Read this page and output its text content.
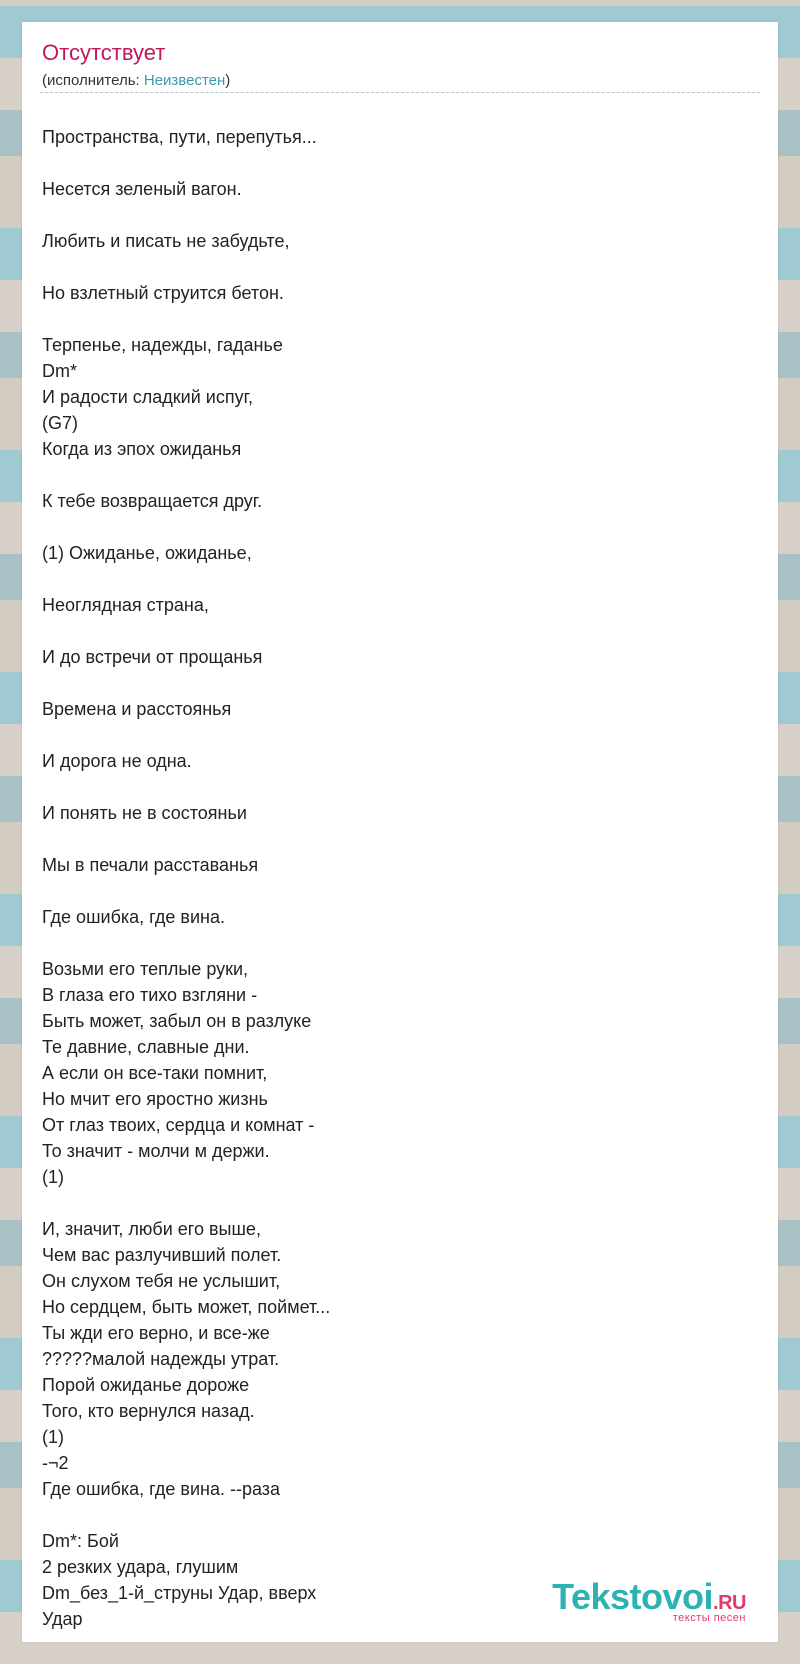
Отсутствует
(исполнитель: Неизвестен)
Пространства, пути, перепутья...
Несется зеленый вагон.
Любить и писать не забудьте,
Но взлетный струится бетон.
Терпенье, надежды, гаданье
Dm*
И радости сладкий испуг,
(G7)
Когда из эпох ожиданья
К тебе возвращается друг.
(1) Ожиданье, ожиданье,
Неоглядная страна,
И до встречи от прощанья
Времена и расстоянья
И дорога не одна.
И понять не в состояньи
Мы в печали расставанья
Где ошибка, где вина.
Возьми его теплые руки,
В глаза его тихо взгляни -
Быть может, забыл он в разлуке
Те давние, славные дни.
А если он все-таки помнит,
Но мчит его яростно жизнь
От глаз твоих, сердца и комнат -
То значит - молчи м держи.
(1)
И, значит, люби его выше,
Чем вас разлучивший полет.
Он слухом тебя не услышит,
Но сердцем, быть может, поймет...
Ты жди его верно, и все-же
?????малой надежды утрат.
Порой ожиданье дороже
Того, кто вернулся назад.
(1)
-¬2
Где ошибка, где вина. --раза
Dm*: Бой
2 резких удара, глушим
Dm_без_1-й_струны Удар, вверх
Удар
Tekstovoi.RU
тексты песен
